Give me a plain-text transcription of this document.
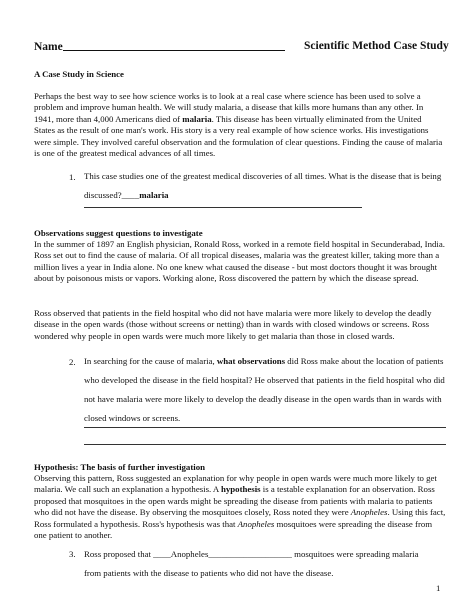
Name	Scientific Method Case Study
A Case Study in Science
Perhaps the best way to see how science works is to look at a real case where science has been used to solve a problem and improve human health. We will study malaria, a disease that kills more humans than any other. In 1941, more than 4,000 Americans died of malaria. This disease has been virtually eliminated from the United States as the result of one man's work. His story is a very real example of how science works. His investigations were simple. They involved careful observation and the formulation of clear questions. Finding the cause of malaria is one of the greatest medical advances of all times.
1. This case studies one of the greatest medical discoveries of all times. What is the disease that is being discussed?____malaria
Observations suggest questions to investigate
In the summer of 1897 an English physician, Ronald Ross, worked in a remote field hospital in Secunderabad, India. Ross set out to find the cause of malaria. Of all tropical diseases, malaria was the greatest killer, taking more than a million lives a year in India alone. No one knew what caused the disease - but most doctors thought it was brought about by poisonous mists or vapors. Working alone, Ross discovered the pattern by which the disease spread.
Ross observed that patients in the field hospital who did not have malaria were more likely to develop the deadly disease in the open wards (those without screens or netting) than in wards with closed windows or screens. Ross wondered why people in open wards were much more likely to get malaria than those in closed wards.
2. In searching for the cause of malaria, what observations did Ross make about the location of patients who developed the disease in the field hospital? He observed that patients in the field hospital who did not have malaria were more likely to develop the deadly disease in the open wards than in wards with closed windows or screens.
Hypothesis: The basis of further investigation
Observing this pattern, Ross suggested an explanation for why people in open wards were much more likely to get malaria. We call such an explanation a hypothesis. A hypothesis is a testable explanation for an observation. Ross proposed that mosquitoes in the open wards might be spreading the disease from patients with malaria to patients who did not have the disease. By observing the mosquitoes closely, Ross noted they were Anopheles. Using this fact, Ross formulated a hypothesis. Ross's hypothesis was that Anopheles mosquitoes were spreading the disease from one patient to another.
3. Ross proposed that ____Anopheles___________________ mosquitoes were spreading malaria
from patients with the disease to patients who did not have the disease.
1
